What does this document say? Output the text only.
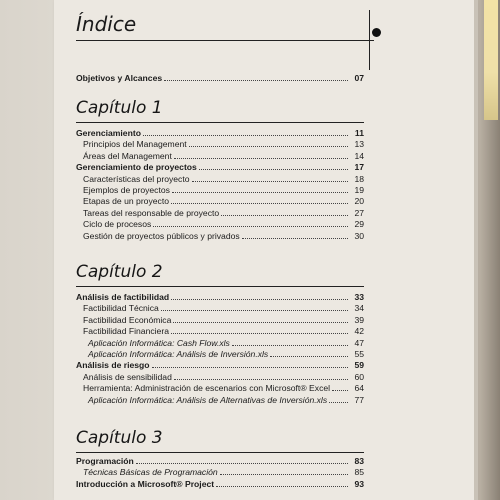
Índice
Objetivos y Alcances	07
Capítulo 1
Gerenciamiento	11
Principios del Management	13
Áreas del Management	14
Gerenciamiento de proyectos	17
Características del proyecto	18
Ejemplos de proyectos	19
Etapas de un proyecto	20
Tareas del responsable de proyecto	27
Ciclo de procesos	29
Gestión de proyectos públicos y privados	30
Capítulo 2
Análisis de factibilidad	33
Factibilidad Técnica	34
Factibilidad Económica	39
Factibilidad Financiera	42
Aplicación Informática: Cash Flow.xls	47
Aplicación Informática: Análisis de Inversión.xls	55
Análisis de riesgo	59
Análisis de sensibilidad	60
Herramienta: Administración de escenarios con Microsoft® Excel	64
Aplicación Informática: Análisis de Alternativas de Inversión.xls	77
Capítulo 3
Programación	83
Técnicas Básicas de Programación	85
Introducción a Microsoft® Project	93
